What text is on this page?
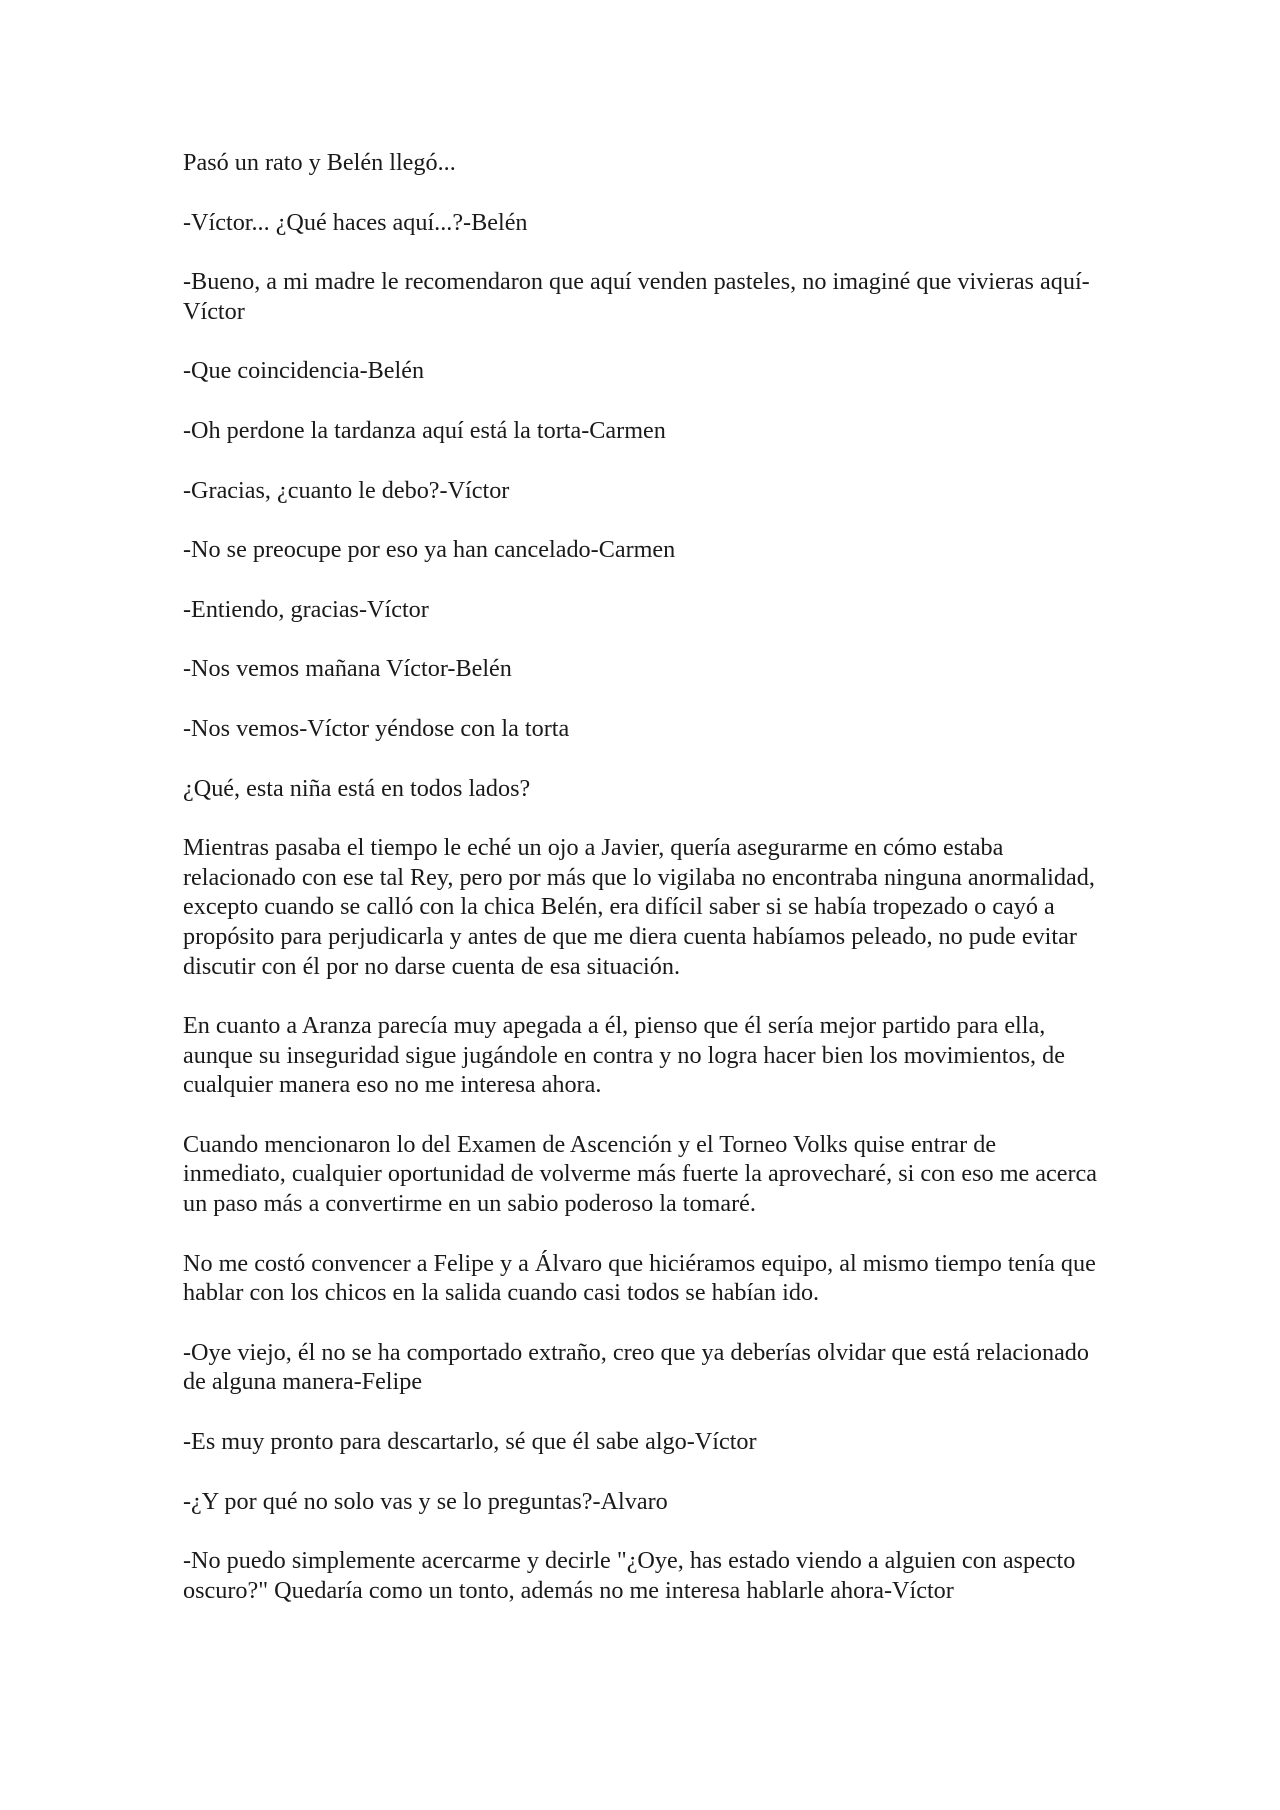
Pasó un rato y Belén llegó...

-Víctor... ¿Qué haces aquí...?-Belén

-Bueno, a mi madre le recomendaron que aquí venden pasteles, no imaginé que vivieras aquí- Víctor

-Que coincidencia-Belén

-Oh perdone la tardanza aquí está la torta-Carmen

-Gracias, ¿cuanto le debo?-Víctor

-No se preocupe por eso ya han cancelado-Carmen

-Entiendo, gracias-Víctor

-Nos vemos mañana Víctor-Belén

-Nos vemos-Víctor yéndose con la torta

¿Qué, esta niña está en todos lados?

Mientras pasaba el tiempo le eché un ojo a Javier, quería asegurarme en cómo estaba relacionado con ese tal Rey, pero por más que lo vigilaba no encontraba ninguna anormalidad, excepto cuando se calló con la chica Belén, era difícil saber si se había tropezado o cayó a propósito para perjudicarla y antes de que me diera cuenta habíamos peleado, no pude evitar discutir con él por no darse cuenta de esa situación.

En cuanto a Aranza parecía muy apegada a él, pienso que él sería mejor partido para ella, aunque su inseguridad sigue jugándole en contra y no logra hacer bien los movimientos, de cualquier manera eso no me interesa ahora.

Cuando mencionaron lo del Examen de Ascención y el Torneo Volks quise entrar de inmediato, cualquier oportunidad de volverme más fuerte la aprovecharé, si con eso me acerca un paso más a convertirme en un sabio poderoso la tomaré.

No me costó convencer a Felipe y a Álvaro que hiciéramos equipo, al mismo tiempo tenía que hablar con los chicos en la salida cuando casi todos se habían ido.

-Oye viejo, él no se ha comportado extraño, creo que ya deberías olvidar que está relacionado de alguna manera-Felipe

-Es muy pronto para descartarlo, sé que él sabe algo-Víctor

-¿Y por qué no solo vas y se lo preguntas?-Alvaro

-No puedo simplemente acercarme y decirle "¿Oye, has estado viendo a alguien con aspecto oscuro?" Quedaría como un tonto, además no me interesa hablarle ahora-Víctor
